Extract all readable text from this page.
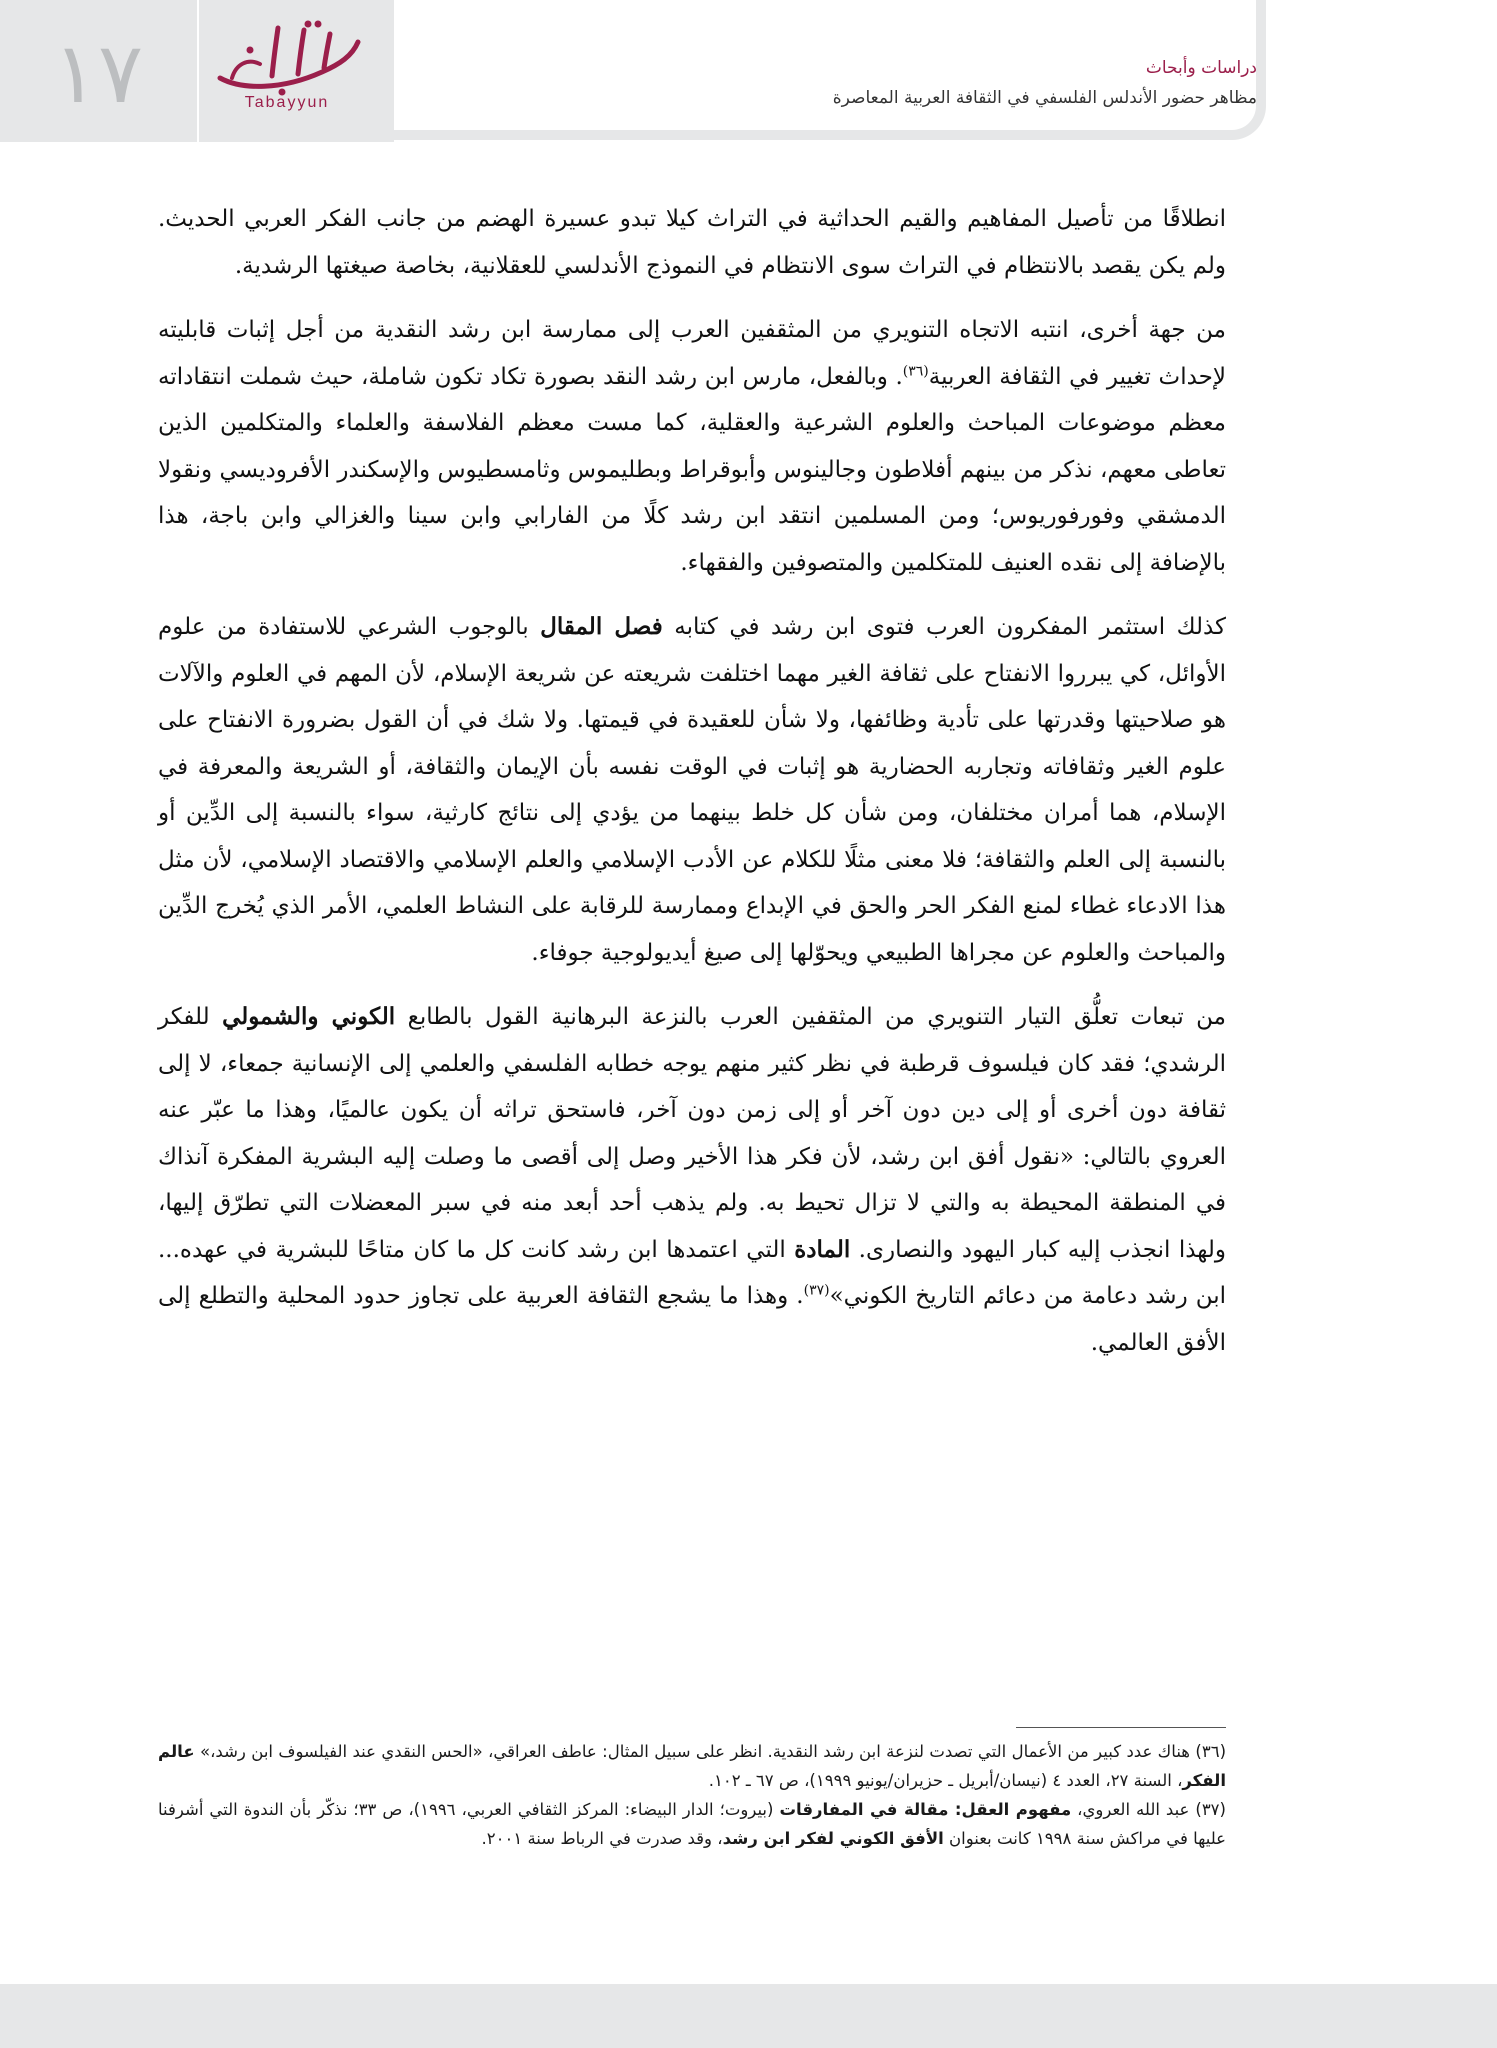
١٧	Tabayyun
دراسات وأبحاث
مظاهر حضور الأندلس الفلسفي في الثقافة العربية المعاصرة

انطلاقًا من تأصيل المفاهيم والقيم الحداثية في التراث كيلا تبدو عسيرة الهضم من جانب الفكر العربي الحديث. ولم يكن يقصد بالانتظام في التراث سوى الانتظام في النموذج الأندلسي للعقلانية، بخاصة صيغتها الرشدية.

من جهة أخرى، انتبه الاتجاه التنويري من المثقفين العرب إلى ممارسة ابن رشد النقدية من أجل إثبات قابليته لإحداث تغيير في الثقافة العربية$^{(٣٦)}$. وبالفعل، مارس ابن رشد النقد بصورة تكاد تكون شاملة، حيث شملت انتقاداته معظم موضوعات المباحث والعلوم الشرعية والعقلية، كما مست معظم الفلاسفة والعلماء والمتكلمين الذين تعاطى معهم، نذكر من بينهم أفلاطون وجالينوس وأبوقراط وبطليموس وثامسطيوس والإسكندر الأفروديسي ونقولا الدمشقي وفورفوريوس؛ ومن المسلمين انتقد ابن رشد كلًا من الفارابي وابن سينا والغزالي وابن باجة، هذا بالإضافة إلى نقده العنيف للمتكلمين والمتصوفين والفقهاء.

كذلك استثمر المفكرون العرب فتوى ابن رشد في كتابه فصل المقال بالوجوب الشرعي للاستفادة من علوم الأوائل، كي يبرروا الانفتاح على ثقافة الغير مهما اختلفت شريعته عن شريعة الإسلام، لأن المهم في العلوم والآلات هو صلاحيتها وقدرتها على تأدية وظائفها، ولا شأن للعقيدة في قيمتها. ولا شك في أن القول بضرورة الانفتاح على علوم الغير وثقافاته وتجاربه الحضارية هو إثبات في الوقت نفسه بأن الإيمان والثقافة، أو الشريعة والمعرفة في الإسلام، هما أمران مختلفان، ومن شأن كل خلط بينهما من يؤدي إلى نتائج كارثية، سواء بالنسبة إلى الدِّين أو بالنسبة إلى العلم والثقافة؛ فلا معنى مثلًا للكلام عن الأدب الإسلامي والعلم الإسلامي والاقتصاد الإسلامي، لأن مثل هذا الادعاء غطاء لمنع الفكر الحر والحق في الإبداع وممارسة للرقابة على النشاط العلمي، الأمر الذي يُخرج الدِّين والمباحث والعلوم عن مجراها الطبيعي ويحوّلها إلى صيغ أيديولوجية جوفاء.

من تبعات تعلُّق التيار التنويري من المثقفين العرب بالنزعة البرهانية القول بالطابع الكوني والشمولي للفكر الرشدي؛ فقد كان فيلسوف قرطبة في نظر كثير منهم يوجه خطابه الفلسفي والعلمي إلى الإنسانية جمعاء، لا إلى ثقافة دون أخرى أو إلى دين دون آخر أو إلى زمن دون آخر، فاستحق تراثه أن يكون عالميًا، وهذا ما عبّر عنه العروي بالتالي: «نقول أفق ابن رشد، لأن فكر هذا الأخير وصل إلى أقصى ما وصلت إليه البشرية المفكرة آنذاك في المنطقة المحيطة به والتي لا تزال تحيط به. ولم يذهب أحد أبعد منه في سبر المعضلات التي تطرّق إليها، ولهذا انجذب إليه كبار اليهود والنصارى. المادة التي اعتمدها ابن رشد كانت كل ما كان متاحًا للبشرية في عهده... ابن رشد دعامة من دعائم التاريخ الكوني»$^{(٣٧)}$. وهذا ما يشجع الثقافة العربية على تجاوز حدود المحلية والتطلع إلى الأفق العالمي.

(٣٦) هناك عدد كبير من الأعمال التي تصدت لنزعة ابن رشد النقدية. انظر على سبيل المثال: عاطف العراقي، «الحس النقدي عند الفيلسوف ابن رشد،» عالم الفكر، السنة ٢٧، العدد ٤ (نيسان/أبريل ـ حزيران/يونيو ١٩٩٩)، ص ٦٧ ـ ١٠٢.

(٣٧) عبد الله العروي، مفهوم العقل: مقالة في المفارقات (بيروت؛ الدار البيضاء: المركز الثقافي العربي، ١٩٩٦)، ص ٣٣؛ نذكّر بأن الندوة التي أشرفنا عليها في مراكش سنة ١٩٩٨ كانت بعنوان الأفق الكوني لفكر ابن رشد، وقد صدرت في الرباط سنة ٢٠٠١.
